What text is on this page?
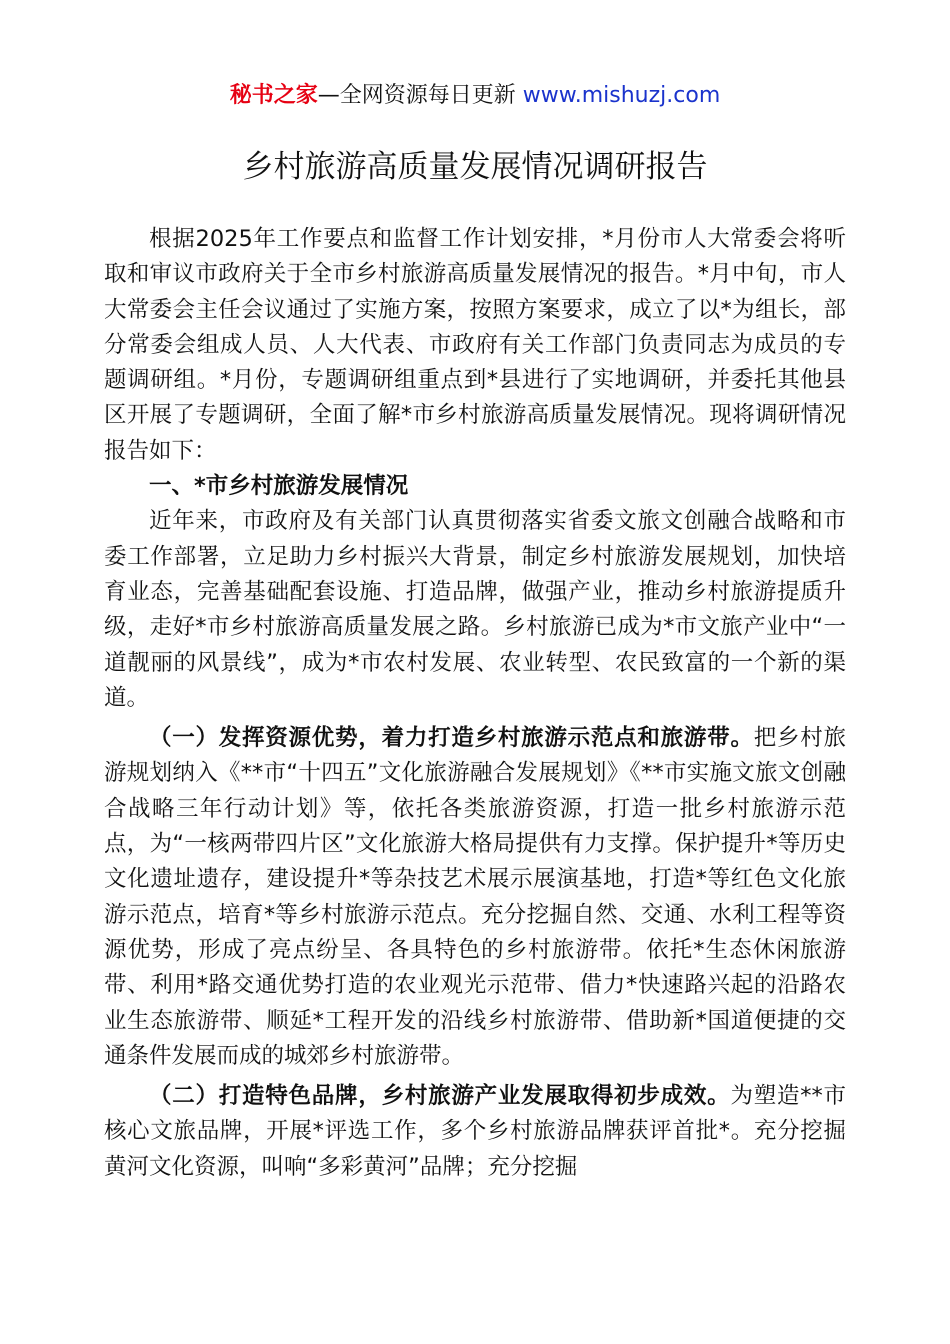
秘书之家—全网资源每日更新 www.mishuzj.com
乡村旅游高质量发展情况调研报告

根据2025年工作要点和监督工作计划安排，*月份市人大常委会将听取和审议市政府关于全市乡村旅游高质量发展情况的报告。*月中旬，市人大常委会主任会议通过了实施方案，按照方案要求，成立了以*为组长，部分常委会组成人员、人大代表、市政府有关工作部门负责同志为成员的专题调研组。*月份，专题调研组重点到*县进行了实地调研，并委托其他县区开展了专题调研，全面了解*市乡村旅游高质量发展情况。现将调研情况报告如下：

一、*市乡村旅游发展情况

近年来，市政府及有关部门认真贯彻落实省委文旅文创融合战略和市委工作部署，立足助力乡村振兴大背景，制定乡村旅游发展规划，加快培育业态，完善基础配套设施、打造品牌，做强产业，推动乡村旅游提质升级，走好*市乡村旅游高质量发展之路。乡村旅游已成为*市文旅产业中“一道靓丽的风景线”，成为*市农村发展、农业转型、农民致富的一个新的渠道。

（一）发挥资源优势，着力打造乡村旅游示范点和旅游带。把乡村旅游规划纳入《**市“十四五”文化旅游融合发展规划》《**市实施文旅文创融合战略三年行动计划》等，依托各类旅游资源，打造一批乡村旅游示范点，为“一核两带四片区”文化旅游大格局提供有力支撑。保护提升*等历史文化遗址遗存，建设提升*等杂技艺术展示展演基地，打造*等红色文化旅游示范点，培育*等乡村旅游示范点。充分挖掘自然、交通、水利工程等资源优势，形成了亮点纷呈、各具特色的乡村旅游带。依托*生态休闲旅游带、利用*路交通优势打造的农业观光示范带、借力*快速路兴起的沿路农业生态旅游带、顺延*工程开发的沿线乡村旅游带、借助新*国道便捷的交通条件发展而成的城郊乡村旅游带。

（二）打造特色品牌，乡村旅游产业发展取得初步成效。为塑造**市核心文旅品牌，开展*评选工作，多个乡村旅游品牌获评首批*。充分挖掘黄河文化资源，叫响“多彩黄河”品牌；充分挖掘
